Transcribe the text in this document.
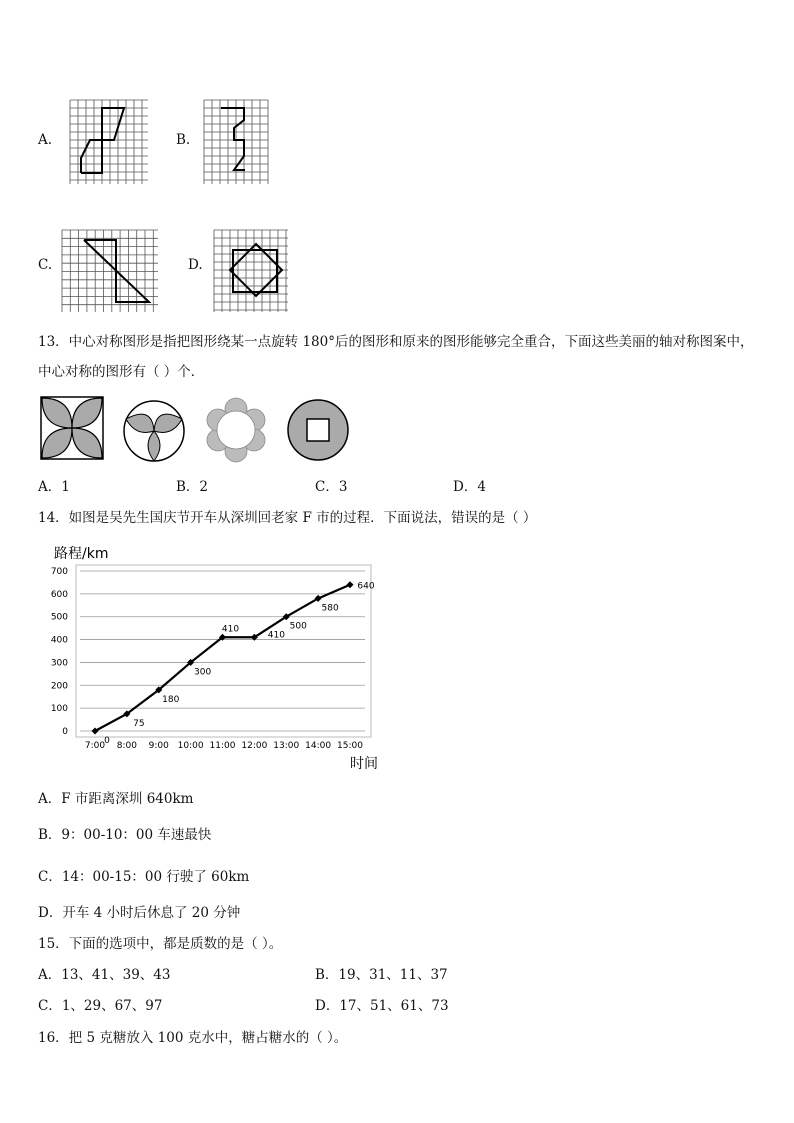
A.	B.
C.	D.
13．中心对称图形是指把图形绕某一点旋转 180°后的图形和原来的图形能够完全重合，下面这些美丽的轴对称图案中，
中心对称的图形有（ ）个．
A．1	B．2	C．3	D．4
14．如图是吴先生国庆节开车从深圳回老家 F 市的过程．下面说法，错误的是（ ）
路程/km
时间
0
100
200
300
400
500
600
700
7:00 8:00 9:00 10:00 11:00 12:00 13:00 14:00 15:00
0
75
180
300
410
410
500
580
640
A．F 市距离深圳 640km
B．9：00-10：00 车速最快
C．14：00-15：00 行驶了 60km
D．开车 4 小时后休息了 20 分钟
15．下面的选项中，都是质数的是（ ）。
A．13、41、39、43	B．19、31、11、37
C．1、29、67、97	D．17、51、61、73
16．把 5 克糖放入 100 克水中，糖占糖水的（ ）。
